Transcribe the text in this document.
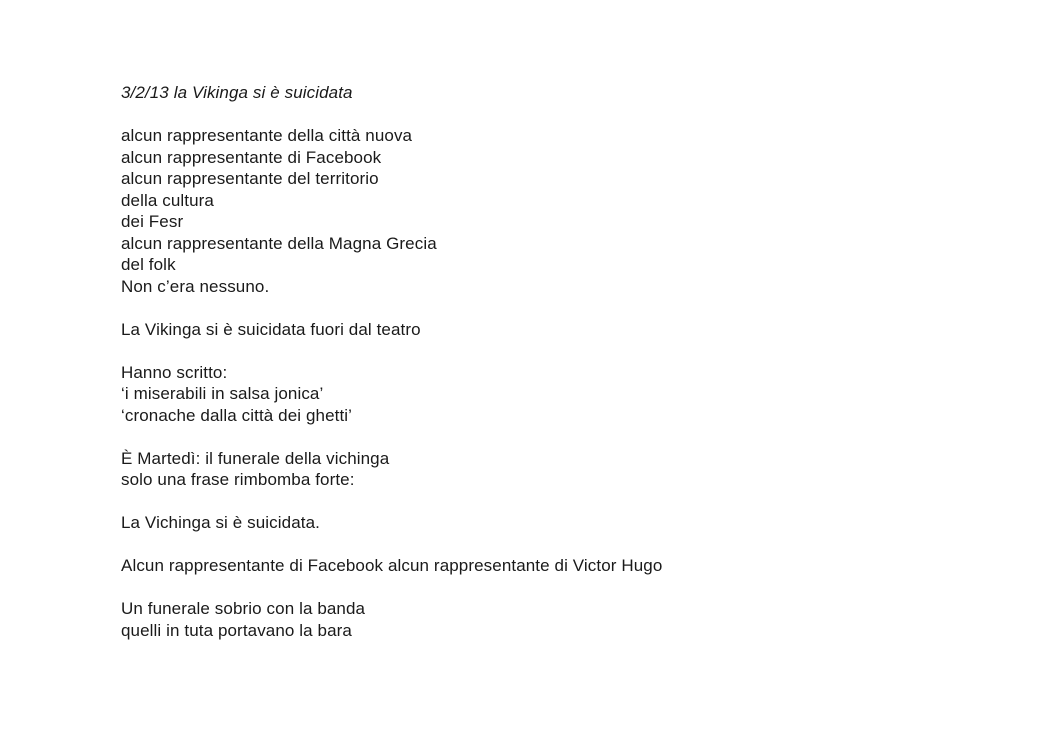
3/2/13 la Vikinga si è suicidata
alcun rappresentante della città nuova
alcun rappresentante di Facebook
alcun rappresentante del territorio
della cultura
dei Fesr
alcun rappresentante della Magna Grecia
del folk
Non c’era nessuno.
La Vikinga si è suicidata fuori dal teatro
Hanno scritto:
‘i miserabili in salsa jonica’
‘cronache dalla città dei ghetti’
È Martedì: il funerale della vichinga
solo una frase rimbomba forte:
La Vichinga si è suicidata.
Alcun rappresentante di Facebook alcun rappresentante di Victor Hugo
Un funerale sobrio con la banda
quelli in tuta portavano la bara
